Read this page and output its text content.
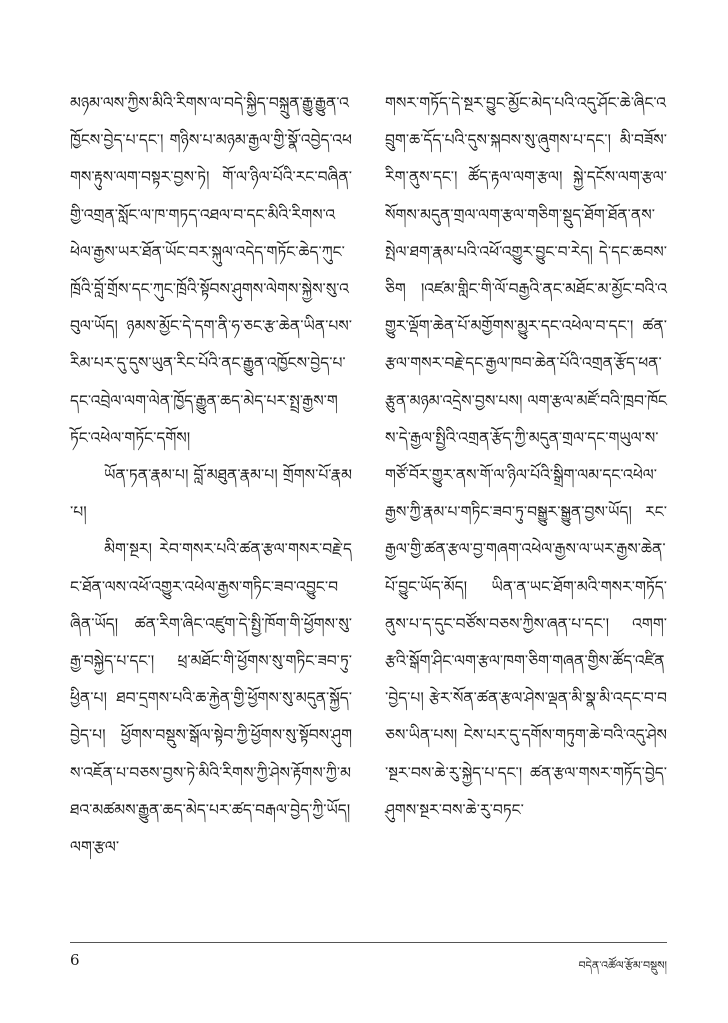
མཉམ་ལས་ཀྱིས་མིའི་རིགས་ལ་བདེ་སྐྱིད་བསྐྲུན་རྒྱུ་རྒྱུན་འཁྱོངས་བྱེད་པ་དང་། གཉིས་པ་མཉམ་རྒྱལ་གྱི་སྣོ་འབྱེད་འཕགས་རྟུས་ལག་བསྟར་བྱས་ཏེ། གོ་ལ་ཉིལ་པོའི་རང་བཞིན་གྱི་འགྲན་སློང་ལ་ཁ་གཏད་འཐལ་བ་དང་མིའི་རིགས་འཕེལ་རྒྱས་ཡར་ཐོན་ཡོང་བར་སྐུལ་འདེད་གཏོང་ཆེད་ཀུང་ཁྲོའི་བློ་གྲོས་དང་ཀུང་ཁྲོའི་སྟོབས་ཤུགས་ལེགས་སྐྱེས་སུ་འབུལ་ཡོད། ཉམས་མྱོང་དེ་དག་ནི་ཧ་ཅང་རྩ་ཆེན་ཡིན་པས་རིམ་པར་དུ་དུས་ཡུན་རིང་པོའི་ནང་རྒྱུན་འཁྱོངས་བྱེད་པ་དང་འབྲེལ་ལག་ལེན་ཁྱོད་རྒྱུན་ཆད་མེད་པར་སྤྲ་རྒྱས་གཏོང་འཕེལ་གཏོང་དགོས།

ཡོན་ཏན་རྣམ་པ། བློ་མཐུན་རྣམ་པ། གྲོགས་པོ་རྣམ་པ།

མིག་སྔར། རེབ་གསར་པའི་ཚན་རྩལ་གསར་བརྗེ་དང་ཐོན་ལས་འཕོ་འགྱུར་འཕེལ་རྒྱས་གཏིང་ཟབ་འབྱུང་བཞིན་ཡོད། ཚན་རིག་ཞིང་འཛུག་དེ་སྤྱི་ཁོག་གི་ཕྱོགས་སུ་རྒྱ་བསྐྱེད་པ་དང་། ཕྲ་མཐོང་གི་ཕྱོགས་སུ་གཏིང་ཟབ་ཏུ་ཕྱིན་པ། ཐབ་དྲགས་པའི་ཆ་རྐྱེན་གྱི་ཕྱོགས་སུ་མདུན་སྐྱོད་བྱེད་པ། ཕྱོགས་བསྡུས་སྒོལ་སྟེབ་ཀྱི་ཕྱོགས་སུ་སྟོབས་ཤུགས་འཇོན་པ་བཅས་བྱས་ཏེ་མིའི་རིགས་ཀྱི་ཤེས་རྟོགས་ཀྱི་མཐའ་མཚམས་རྒྱུན་ཆད་མེད་པར་ཚད་བརྒལ་བྱེད་ཀྱི་ཡོད། ལག་རྩལ་

གསར་གཏོད་དེ་སྔར་བྱུང་མྱོང་མེད་པའི་འདུ་ཤོང་ཆེ་ཞིང་འབྲུག་ཆ་དོད་པའི་དུས་སྐབས་སུ་ཞུགས་པ་དང་། མི་བཟོས་རིག་ནུས་དང་། ཚོད་རྟལ་ལག་རྩལ། སྐྱེ་དངོས་ལག་རྩལ་སོགས་མདུན་གྲལ་ལག་རྩལ་གཅིག་སྡུད་ཐོག་ཐོན་ནས་སྤེལ་ཐག་རྣམ་པའི་འཕོ་འགྱུར་བྱུང་བ་རེད། དེ་དང་ཆབས་ཅིག །འཛམ་གླིང་གི་ལོ་བརྒྱའི་ནང་མཐོང་མ་མྱོང་བའི་འགྱུར་ལྡོག་ཆེན་པོ་མགྱོགས་མྱུར་དང་འཕེལ་བ་དང་། ཚན་རྩལ་གསར་བརྗེ་དང་རྒྱལ་ཁབ་ཆེན་པོའི་འགྲན་རྩོད་ཕན་རྩུན་མཉམ་འདྲེས་བྱས་པས། ལག་རྩལ་མཛོ་བའི་ཁྲབ་ཁོངས་དེ་རྒྱལ་སྤྱིའི་འགྲན་རྩོད་ཀྱི་མདུན་གྲལ་དང་གཡུལ་ས་གཙོ་བོར་གྱུར་ནས་གོ་ལ་ཉིལ་པོའི་སྒྲིག་ལམ་དང་འཕེལ་རྒྱས་ཀྱི་རྣམ་པ་གཏིང་ཟབ་ཏུ་བསྒྱུར་སྒྱུན་བྱས་ཡོད། རང་རྒྱལ་གྱི་ཚན་རྩལ་བྱ་གཞག་འཕེལ་རྒྱས་ལ་ཡར་རྒྱས་ཆེན་པོ་བྱུང་ཡོད་མོད། ཡིན་ན་ཡང་ཐོག་མའི་གསར་གཏོད་ནུས་པ་ད་དུང་བཙོས་བཅས་ཀྱིས་ཞན་པ་དང་། འགག་རྩའི་སྒོག་ཤིང་ལག་རྩལ་ཁག་ཅིག་གཞན་གྱིས་ཚོད་འཛིན་བྱེད་པ། རྩེར་སོན་ཚན་རྩལ་ཤེས་ལྡན་མི་སྣ་མི་འདང་བ་བཅས་ཡིན་པས། ངེས་པར་དུ་དགོས་གཏུག་ཆེ་བའི་འདུ་ཤེས་སྔར་བས་ཆེ་རུ་སྐྱེད་པ་དང་། ཚན་རྩལ་གསར་གཏོད་བྱེད་ཤུགས་སྔར་བས་ཆེ་རུ་བཏང་

6	བདེན་འཚོལ་རྩོམ་བསྡུས།
